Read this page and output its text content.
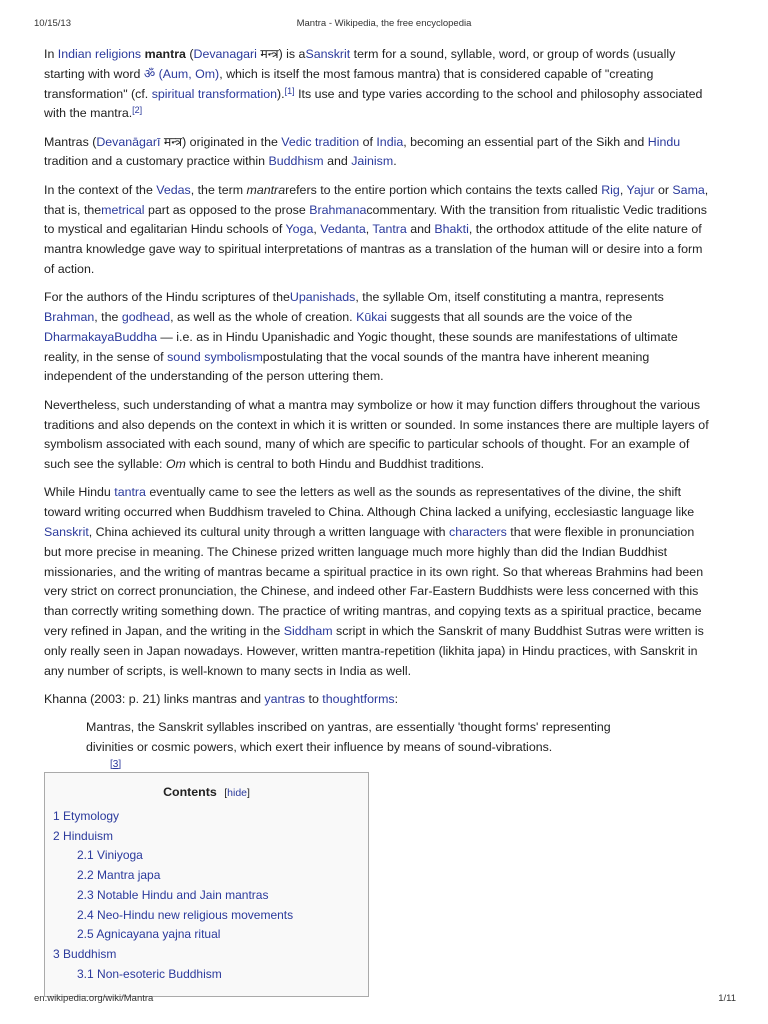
10/15/13	Mantra - Wikipedia, the free encyclopedia

In Indian religions mantra (Devanagari मन्त्र) is aSanskrit term for a sound, syllable, word, or group of words (usually starting with word ॐ (Aum, Om), which is itself the most famous mantra) that is considered capable of "creating transformation" (cf. spiritual transformation).[1] Its use and type varies according to the school and philosophy associated with the mantra.[2]

Mantras (Devanāgarī मन्त्र) originated in the Vedic tradition of India, becoming an essential part of the Sikh and Hindu tradition and a customary practice within Buddhism and Jainism.

In the context of the Vedas, the term mantrarefers to the entire portion which contains the texts called Rig, Yajur or Sama, that is, themetrical part as opposed to the prose Brahmanacommentary. With the transition from ritualistic Vedic traditions to mystical and egalitarian Hindu schools of Yoga, Vedanta, Tantra and Bhakti, the orthodox attitude of the elite nature of mantra knowledge gave way to spiritual interpretations of mantras as a translation of the human will or desire into a form of action.

For the authors of the Hindu scriptures of theUpanishads, the syllable Om, itself constituting a mantra, represents Brahman, the godhead, as well as the whole of creation. Kūkai suggests that all sounds are the voice of the DharmakayaBuddha — i.e. as in Hindu Upanishadic and Yogic thought, these sounds are manifestations of ultimate reality, in the sense of sound symbolismpostulating that the vocal sounds of the mantra have inherent meaning independent of the understanding of the person uttering them.

Nevertheless, such understanding of what a mantra may symbolize or how it may function differs throughout the various traditions and also depends on the context in which it is written or sounded. In some instances there are multiple layers of symbolism associated with each sound, many of which are specific to particular schools of thought. For an example of such see the syllable: Om which is central to both Hindu and Buddhist traditions.

While Hindu tantra eventually came to see the letters as well as the sounds as representatives of the divine, the shift toward writing occurred when Buddhism traveled to China. Although China lacked a unifying, ecclesiastic language like Sanskrit, China achieved its cultural unity through a written language with characters that were flexible in pronunciation but more precise in meaning. The Chinese prized written language much more highly than did the Indian Buddhist missionaries, and the writing of mantras became a spiritual practice in its own right. So that whereas Brahmins had been very strict on correct pronunciation, the Chinese, and indeed other Far-Eastern Buddhists were less concerned with this than correctly writing something down. The practice of writing mantras, and copying texts as a spiritual practice, became very refined in Japan, and the writing in the Siddham script in which the Sanskrit of many Buddhist Sutras were written is only really seen in Japan nowadays. However, written mantra-repetition (likhita japa) in Hindu practices, with Sanskrit in any number of scripts, is well-known to many sects in India as well.

Khanna (2003: p. 21) links mantras and yantras to thoughtforms:

Mantras, the Sanskrit syllables inscribed on yantras, are essentially 'thought forms' representing divinities or cosmic powers, which exert their influence by means of sound-vibrations.

[3]
Contents [hide]
1 Etymology
2 Hinduism
2.1 Viniyoga
2.2 Mantra japa
2.3 Notable Hindu and Jain mantras
2.4 Neo-Hindu new religious movements
2.5 Agnicayana yajna ritual
3 Buddhism
3.1 Non-esoteric Buddhism
en.wikipedia.org/wiki/Mantra	1/11
